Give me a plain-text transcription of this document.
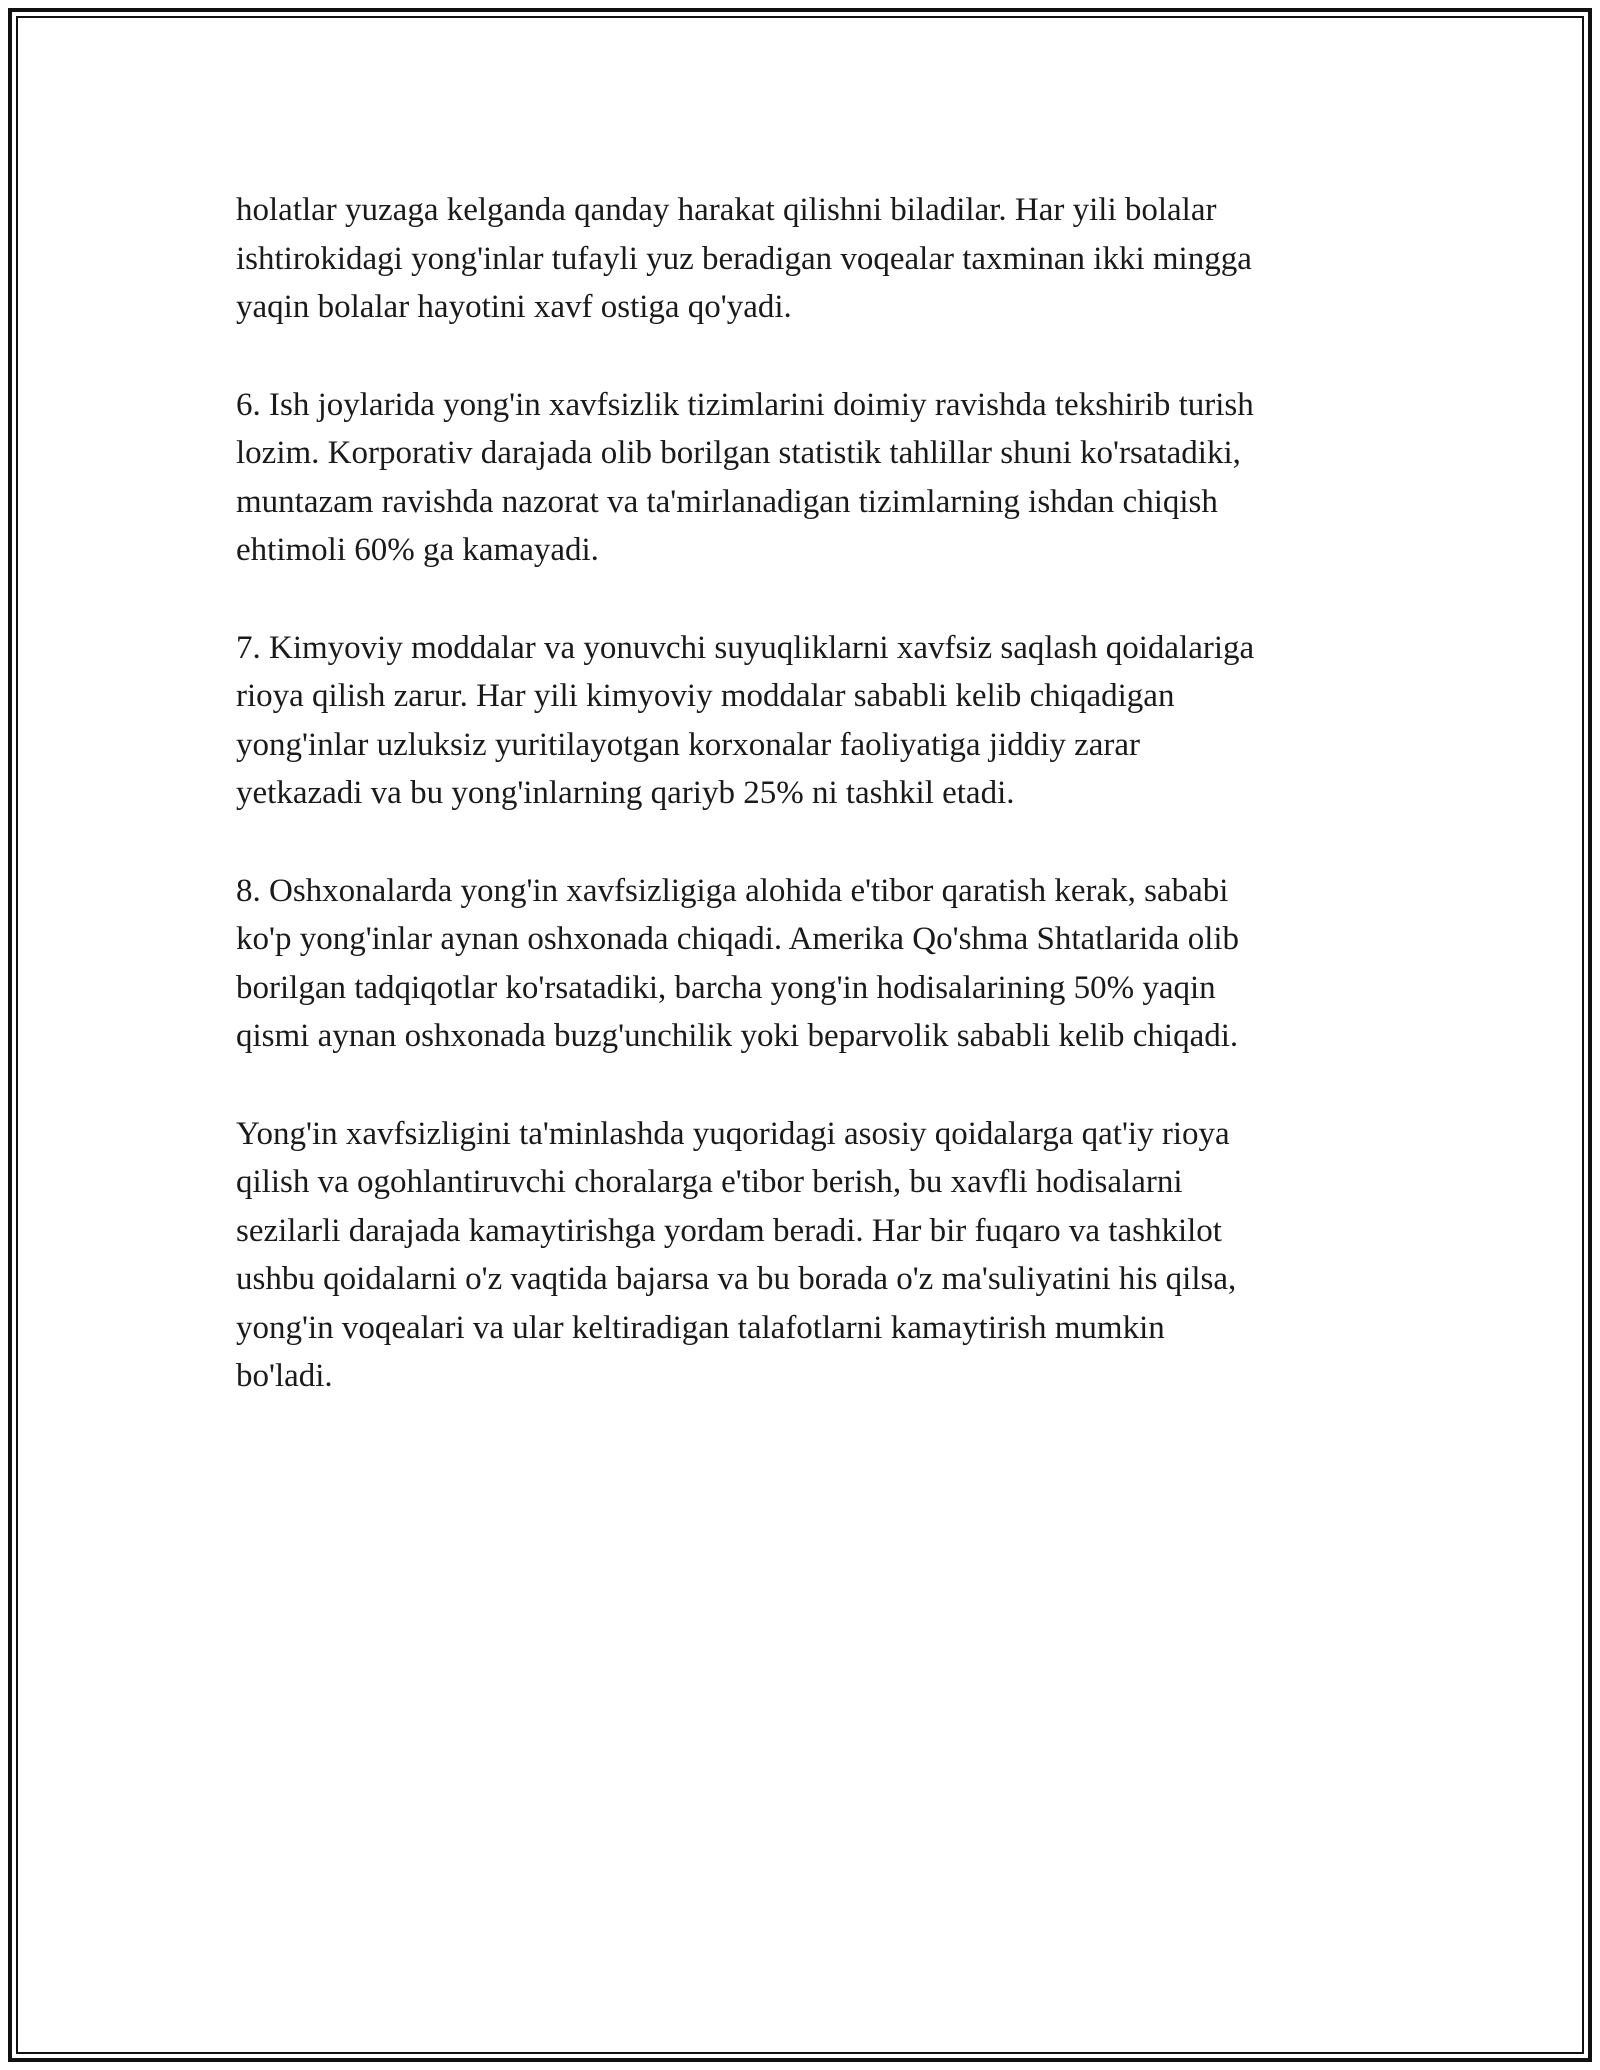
holatlar yuzaga kelganda qanday harakat qilishni biladilar. Har yili bolalar
ishtirokidagi yong'inlar tufayli yuz beradigan voqealar taxminan ikki mingga
yaqin bolalar hayotini xavf ostiga qo'yadi.

6. Ish joylarida yong'in xavfsizlik tizimlarini doimiy ravishda tekshirib turish
lozim. Korporativ darajada olib borilgan statistik tahlillar shuni ko'rsatadiki,
muntazam ravishda nazorat va ta'mirlanadigan tizimlarning ishdan chiqish
ehtimoli 60% ga kamayadi.

7. Kimyoviy moddalar va yonuvchi suyuqliklarni xavfsiz saqlash qoidalariga
rioya qilish zarur. Har yili kimyoviy moddalar sababli kelib chiqadigan
yong'inlar uzluksiz yuritilayotgan korxonalar faoliyatiga jiddiy zarar
yetkazadi va bu yong'inlarning qariyb 25% ni tashkil etadi.

8. Oshxonalarda yong'in xavfsizligiga alohida e'tibor qaratish kerak, sababi
ko'p yong'inlar aynan oshxonada chiqadi. Amerika Qo'shma Shtatlarida olib
borilgan tadqiqotlar ko'rsatadiki, barcha yong'in hodisalarining 50% yaqin
qismi aynan oshxonada buzg'unchilik yoki beparvolik sababli kelib chiqadi.

Yong'in xavfsizligini ta'minlashda yuqoridagi asosiy qoidalarga qat'iy rioya
qilish va ogohlantiruvchi choralarga e'tibor berish, bu xavfli hodisalarni
sezilarli darajada kamaytirishga yordam beradi. Har bir fuqaro va tashkilot
ushbu qoidalarni o'z vaqtida bajarsa va bu borada o'z ma'suliyatini his qilsa,
yong'in voqealari va ular keltiradigan talafotlarni kamaytirish mumkin
bo'ladi.
